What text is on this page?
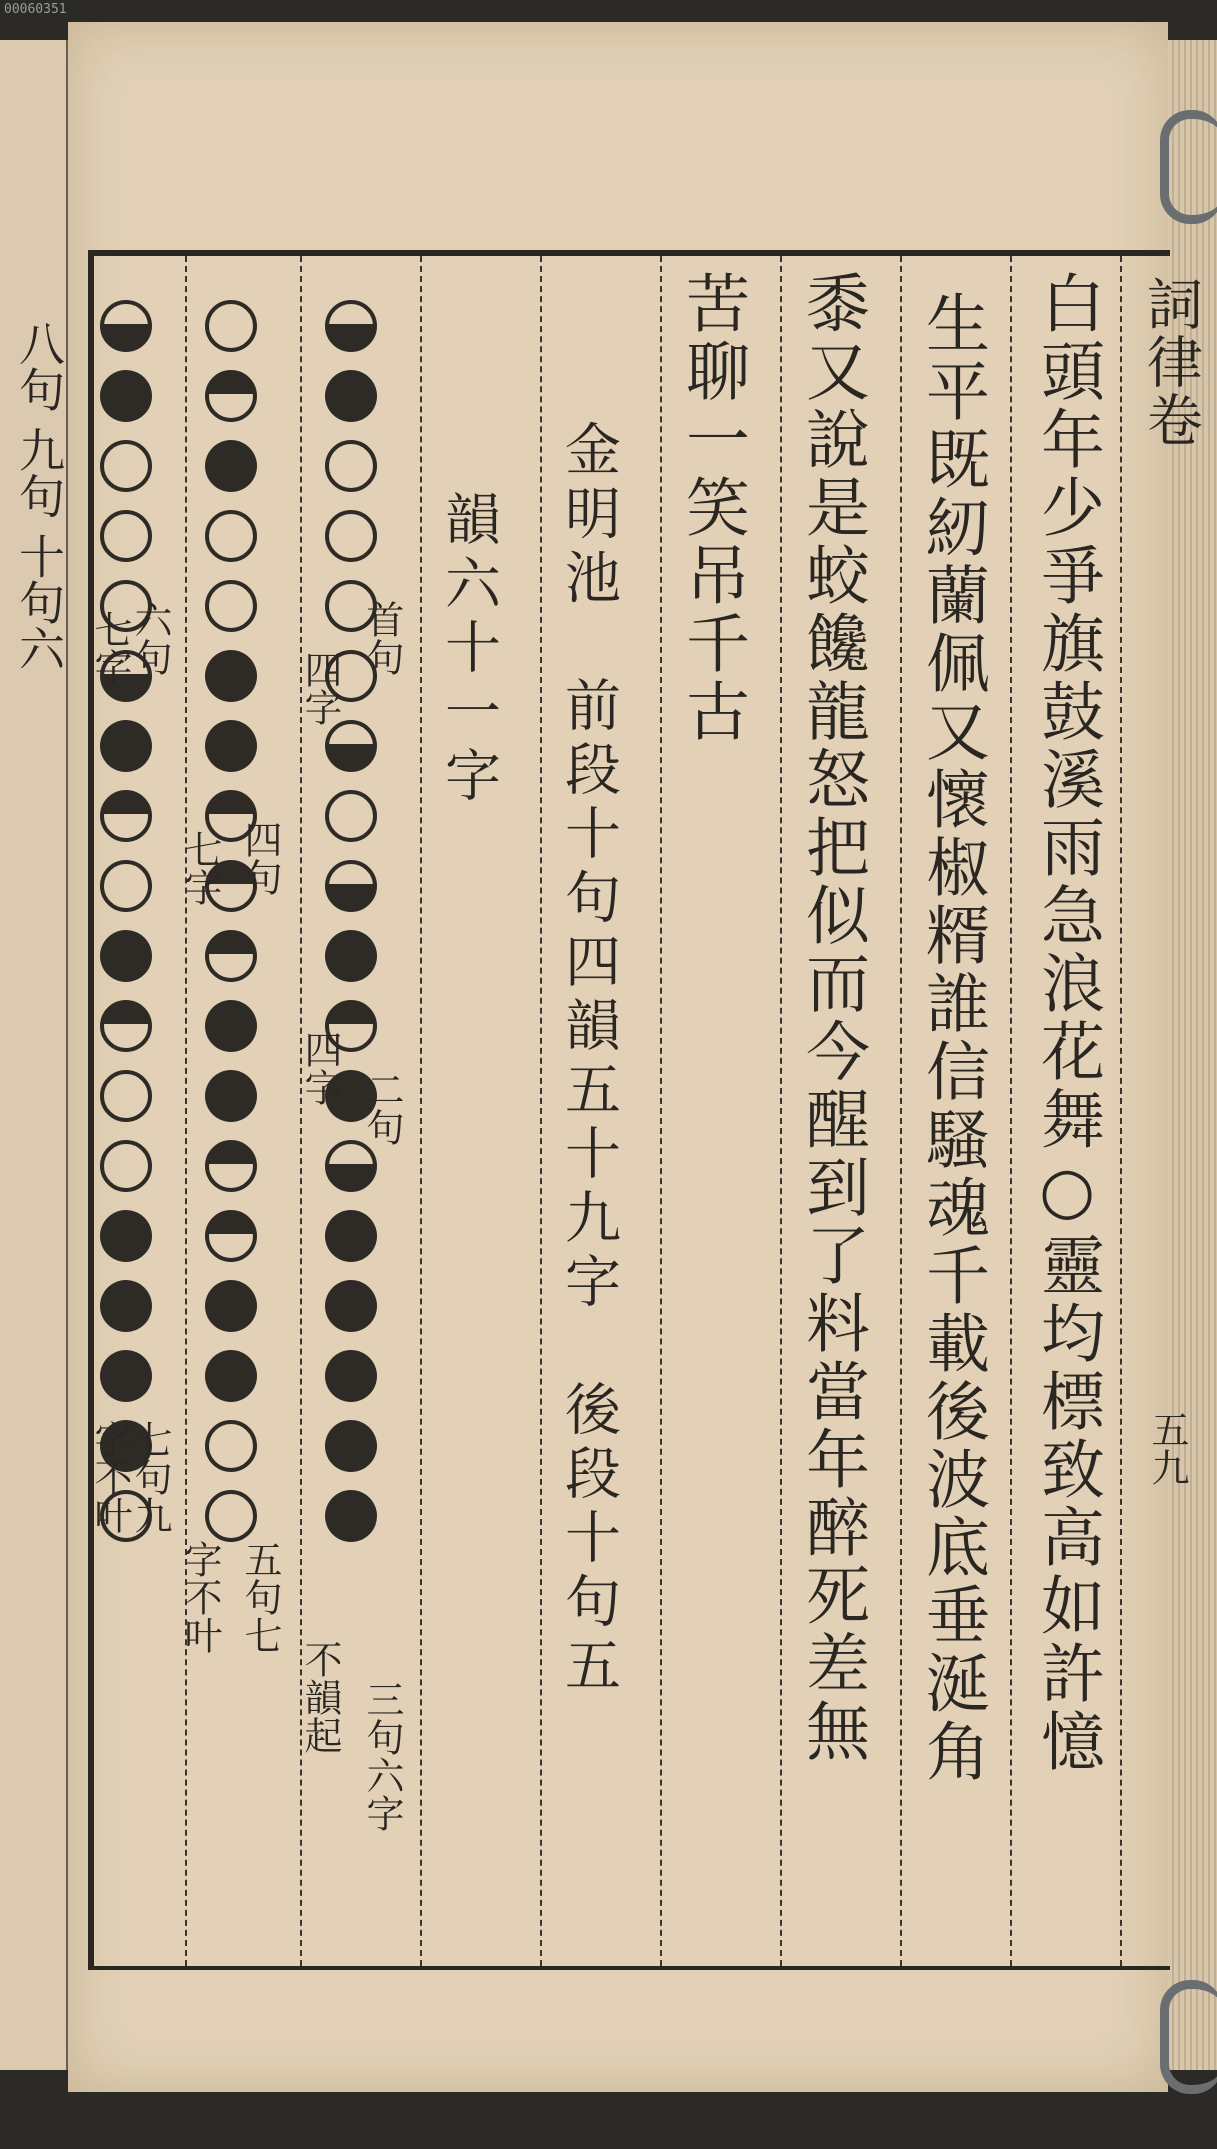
00060351
八句 九句 十句六	詞律卷
五九
白頭年少爭旗鼓溪雨急浪花舞○靈均標致高如許憶
生平既紉蘭佩又懷椒糈誰信騷魂千載後波底垂涎角
黍又說是蛟饞龍怒把似而今醒到了料當年醉死差無
苦聊一笑吊千古
金明池　前段十句四韻五十九字　後段十句五
韻六十一字
首句
四字
二句
四字
三句六字
不韻起
四句
七字
五句七
字不叶
六句
七字
七句九
字不叶
